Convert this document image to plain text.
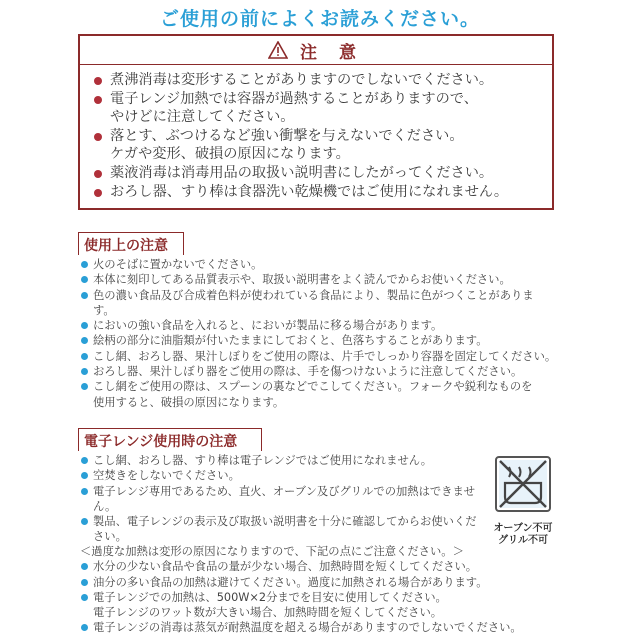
ご使用の前によくお読みください。
注 意
煮沸消毒は変形することがありますのでしないでください。
電子レンジ加熱では容器が過熱することがありますので、
やけどに注意してください。
落とす、ぶつけるなど強い衝撃を与えないでください。
ケガや変形、破損の原因になります。
薬液消毒は消毒用品の取扱い説明書にしたがってください。
おろし器、すり棒は食器洗い乾燥機ではご使用になれません。
使用上の注意
火のそばに置かないでください。
本体に刻印してある品質表示や、取扱い説明書をよく読んでからお使いください。
色の濃い食品及び合成着色料が使われている食品により、製品に色がつくことがありま
す。
においの強い食品を入れると、においが製品に移る場合があります。
絵柄の部分に油脂類が付いたままにしておくと、色落ちすることがあります。
こし網、おろし器、果汁しぼりをご使用の際は、片手でしっかり容器を固定してください。
おろし器、果汁しぼり器をご使用の際は、手を傷つけないように注意してください。
こし網をご使用の際は、スプーンの裏などでこしてください。フォークや鋭利なものを
使用すると、破損の原因になります。
電子レンジ使用時の注意
こし網、おろし器、すり棒は電子レンジではご使用になれません。
空焚きをしないでください。
電子レンジ専用であるため、直火、オーブン及びグリルでの加熱はできませ
ん。
製品、電子レンジの表示及び取扱い説明書を十分に確認してからお使いくだ
さい。
＜過度な加熱は変形の原因になりますので、下記の点にご注意ください。＞
水分の少ない食品や食品の量が少ない場合、加熱時間を短くしてください。
油分の多い食品の加熱は避けてください。過度に加熱される場合があります。
電子レンジでの加熱は、500W×2分までを目安に使用してください。
電子レンジのワット数が大きい場合、加熱時間を短くしてください。
電子レンジの消毒は蒸気が耐熱温度を超える場合がありますのでしないでください。
オーブン不可
グリル不可
